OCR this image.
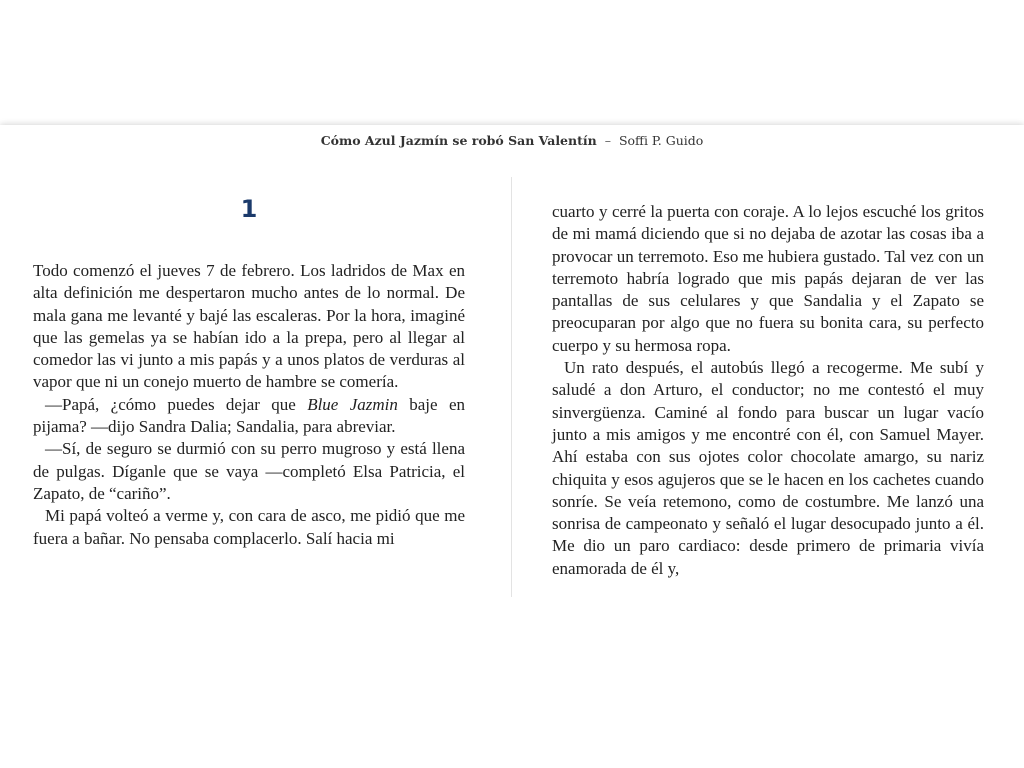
Cómo Azul Jazmín se robó San Valentín – Soffi P. Guido
1

Todo comenzó el jueves 7 de febrero. Los ladridos de Max en alta definición me despertaron mucho antes de lo normal. De mala gana me levanté y bajé las escaleras. Por la hora, imaginé que las gemelas ya se habían ido a la prepa, pero al llegar al comedor las vi junto a mis papás y a unos platos de verduras al vapor que ni un conejo muerto de hambre se comería.

—Papá, ¿cómo puedes dejar que Blue Jazmin baje en pijama? —dijo Sandra Dalia; Sandalia, para abreviar.

—Sí, de seguro se durmió con su perro mugroso y está llena de pulgas. Díganle que se vaya —completó Elsa Patricia, el Zapato, de “cariño”.

Mi papá volteó a verme y, con cara de asco, me pidió que me fuera a bañar. No pensaba complacerlo. Salí hacia mi

cuarto y cerré la puerta con coraje. A lo lejos escuché los gritos de mi mamá diciendo que si no dejaba de azotar las cosas iba a provocar un terremoto. Eso me hubiera gustado. Tal vez con un terremoto habría logrado que mis papás dejaran de ver las pantallas de sus celulares y que Sandalia y el Zapato se preocuparan por algo que no fuera su bonita cara, su perfecto cuerpo y su hermosa ropa.

Un rato después, el autobús llegó a recogerme. Me subí y saludé a don Arturo, el conductor; no me contestó el muy sinvergüenza. Caminé al fondo para buscar un lugar vacío junto a mis amigos y me encontré con él, con Samuel Mayer. Ahí estaba con sus ojotes color chocolate amargo, su nariz chiquita y esos agujeros que se le hacen en los cachetes cuando sonríe. Se veía retemono, como de costumbre. Me lanzó una sonrisa de campeonato y señaló el lugar desocupado junto a él. Me dio un paro cardiaco: desde primero de primaria vivía enamorada de él y,
